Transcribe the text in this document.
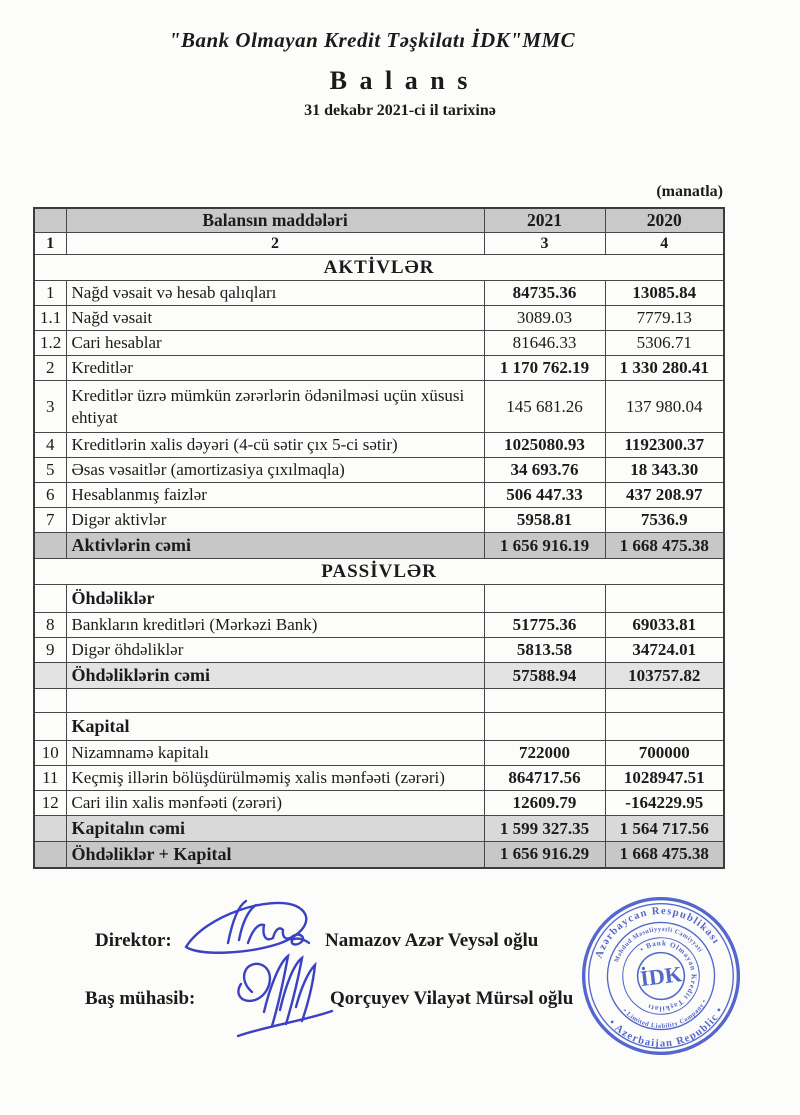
"Bank Olmayan Kredit Təşkilatı İDK"MMC
B a l a n s
31 dekabr 2021-ci il tarixinə
(manatla)
	Balansın maddələri	2021	2020
1	2	3	4
AKTİVLƏR			
1	Nağd vəsait və hesab qalıqları	84735.36	13085.84
1.1	Nağd vəsait	3089.03	7779.13
1.2	Cari hesablar	81646.33	5306.71
2	Kreditlər	1 170 762.19	1 330 280.41
3	Kreditlər üzrə mümkün zərərlərin ödənilməsi uçün xüsusi ehtiyat	145 681.26	137 980.04
4	Kreditlərin xalis dəyəri (4-cü sətir çıx 5-ci sətir)	1025080.93	1192300.37
5	Əsas vəsaitlər (amortizasiya çıxılmaqla)	34 693.76	18 343.30
6	Hesablanmış faizlər	506 447.33	437 208.97
7	Digər aktivlər	5958.81	7536.9
	Aktivlərin cəmi	1 656 916.19	1 668 475.38
PASSİVLƏR			
	Öhdəliklər		
8	Bankların kreditləri (Mərkəzi Bank)	51775.36	69033.81
9	Digər öhdəliklər	5813.58	34724.01
	Öhdəliklərin cəmi	57588.94	103757.82

	Kapital		
10	Nizamnamə kapitalı	722000	700000
11	Keçmiş illərin bölüşdürülməmiş xalis mənfəəti (zərəri)	864717.56	1028947.51
12	Cari ilin xalis mənfəəti (zərəri)	12609.79	-164229.95
	Kapitalın cəmi	1 599 327.35	1 564 717.56
	Öhdəliklər + Kapital	1 656 916.29	1 668 475.38
Direktor:	Namazov Azər Veysəl oğlu
Baş mühasib:	Qorçuyev Vilayət Mürsəl oğlu
Azərbaycan Respublikası
• Azerbaijan Republic •
Məhdud Məsuliyyətli Cəmiyyəti
• Limited Liability Company •
• Bank Olmayan Kredit Təşkilatı
İDK
